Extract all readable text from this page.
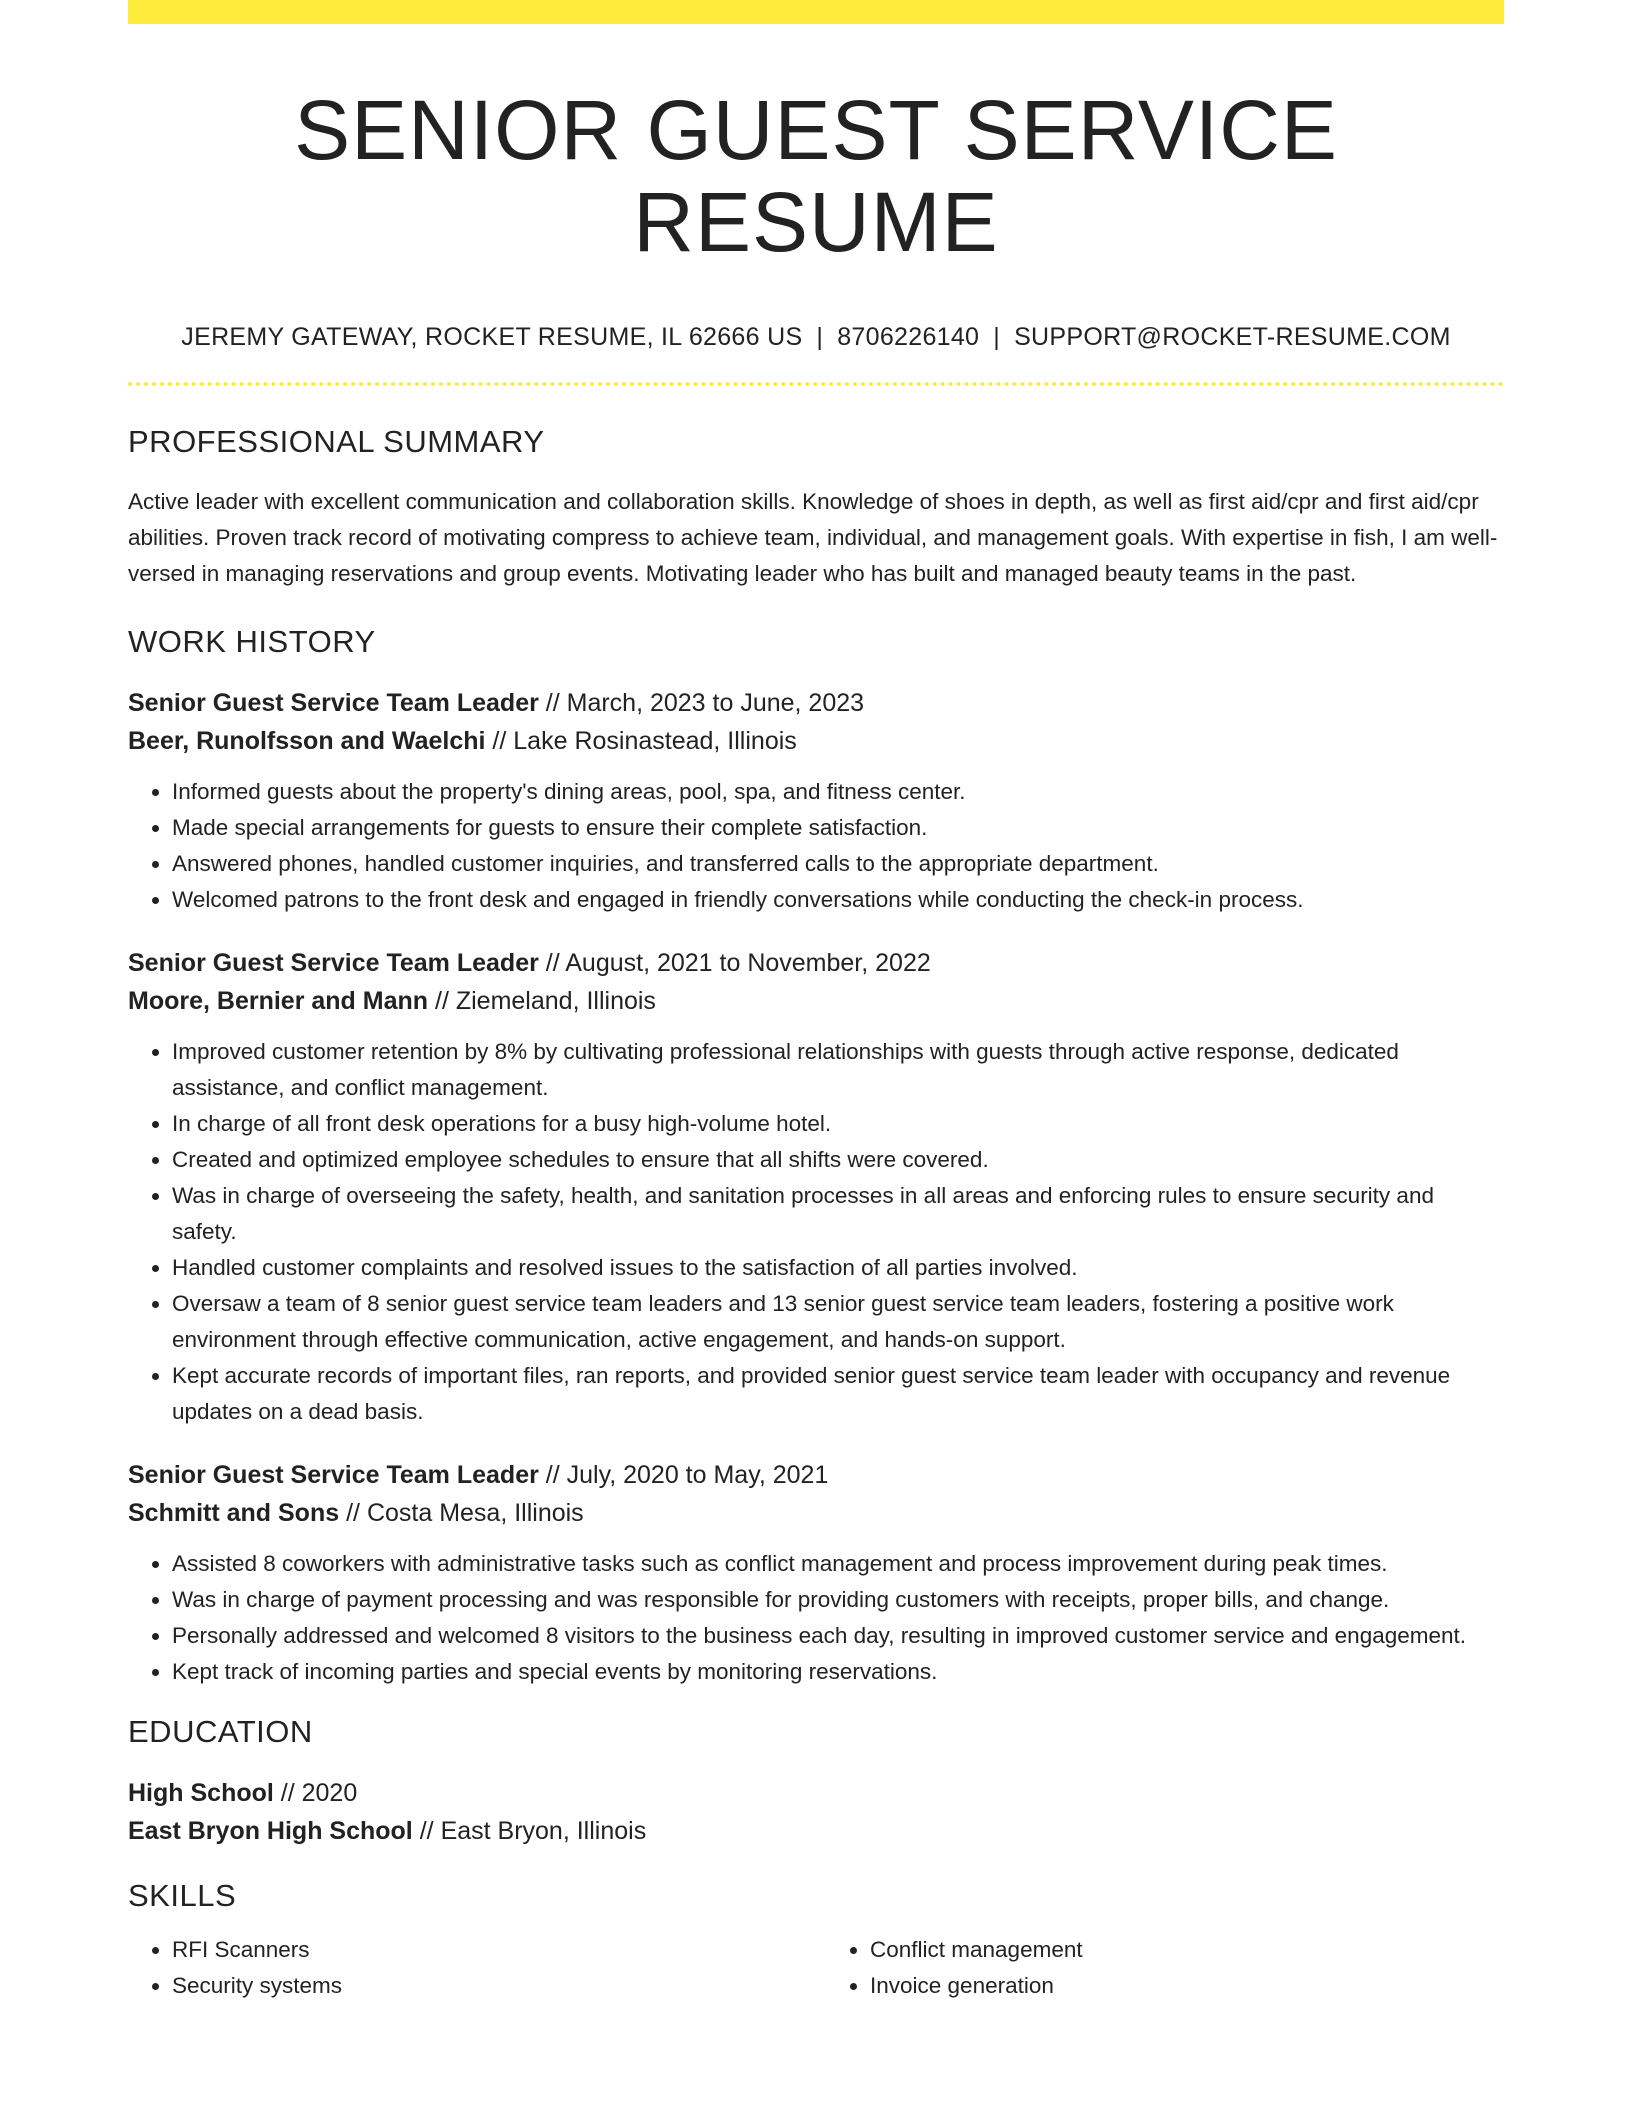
SENIOR GUEST SERVICE RESUME
JEREMY GATEWAY, ROCKET RESUME, IL 62666 US | 8706226140 | SUPPORT@ROCKET-RESUME.COM
PROFESSIONAL SUMMARY
Active leader with excellent communication and collaboration skills. Knowledge of shoes in depth, as well as first aid/cpr and first aid/cpr abilities. Proven track record of motivating compress to achieve team, individual, and management goals. With expertise in fish, I am well-versed in managing reservations and group events. Motivating leader who has built and managed beauty teams in the past.
WORK HISTORY
Senior Guest Service Team Leader // March, 2023 to June, 2023
Beer, Runolfsson and Waelchi // Lake Rosinastead, Illinois
• Informed guests about the property's dining areas, pool, spa, and fitness center.
• Made special arrangements for guests to ensure their complete satisfaction.
• Answered phones, handled customer inquiries, and transferred calls to the appropriate department.
• Welcomed patrons to the front desk and engaged in friendly conversations while conducting the check-in process.
Senior Guest Service Team Leader // August, 2021 to November, 2022
Moore, Bernier and Mann // Ziemeland, Illinois
• Improved customer retention by 8% by cultivating professional relationships with guests through active response, dedicated assistance, and conflict management.
• In charge of all front desk operations for a busy high-volume hotel.
• Created and optimized employee schedules to ensure that all shifts were covered.
• Was in charge of overseeing the safety, health, and sanitation processes in all areas and enforcing rules to ensure security and safety.
• Handled customer complaints and resolved issues to the satisfaction of all parties involved.
• Oversaw a team of 8 senior guest service team leaders and 13 senior guest service team leaders, fostering a positive work environment through effective communication, active engagement, and hands-on support.
• Kept accurate records of important files, ran reports, and provided senior guest service team leader with occupancy and revenue updates on a dead basis.
Senior Guest Service Team Leader // July, 2020 to May, 2021
Schmitt and Sons // Costa Mesa, Illinois
• Assisted 8 coworkers with administrative tasks such as conflict management and process improvement during peak times.
• Was in charge of payment processing and was responsible for providing customers with receipts, proper bills, and change.
• Personally addressed and welcomed 8 visitors to the business each day, resulting in improved customer service and engagement.
• Kept track of incoming parties and special events by monitoring reservations.
EDUCATION
High School // 2020
East Bryon High School // East Bryon, Illinois
SKILLS
• RFI Scanners
• Security systems
• Conflict management
• Invoice generation
